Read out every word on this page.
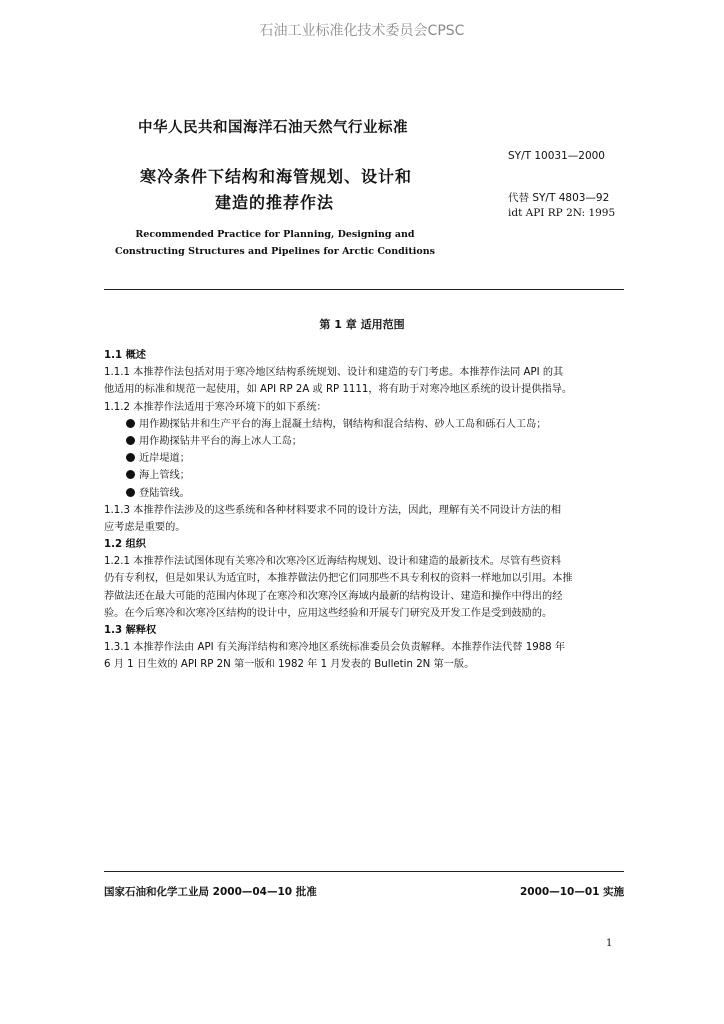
石油工业标准化技术委员会CPSC
中华人民共和国海洋石油天然气行业标准
SY/T 10031—2000
寒冷条件下结构和海管规划、设计和
建造的推荐作法	代替 SY/T 4803—92
idt API RP 2N: 1995
Recommended Practice for Planning, Designing and
Constructing Structures and Pipelines for Arctic Conditions
第 1 章 适用范围
1.1 概述
1.1.1 本推荐作法包括对用于寒冷地区结构系统规划、设计和建造的专门考虑。本推荐作法同 API 的其
他适用的标准和规范一起使用，如 API RP 2A 或 RP 1111，将有助于对寒冷地区系统的设计提供指导。
1.1.2 本推荐作法适用于寒冷环境下的如下系统：
用作勘探钻井和生产平台的海上混凝土结构，钢结构和混合结构、砂人工岛和砾石人工岛；
用作勘探钻井平台的海上冰人工岛；
近岸堤道；
海上管线；
登陆管线。
1.1.3 本推荐作法涉及的这些系统和各种材料要求不同的设计方法，因此，理解有关不同设计方法的相
应考虑是重要的。
1.2 组织
1.2.1 本推荐作法试图体现有关寒冷和次寒冷区近海结构规划、设计和建造的最新技术。尽管有些资料
仍有专利权，但是如果认为适宜时，本推荐做法仍把它们同那些不具专利权的资料一样地加以引用。本推
荐做法还在最大可能的范围内体现了在寒冷和次寒冷区海域内最新的结构设计、建造和操作中得出的经
验。在今后寒冷和次寒冷区结构的设计中，应用这些经验和开展专门研究及开发工作是受到鼓励的。
1.3 解释权
1.3.1 本推荐作法由 API 有关海洋结构和寒冷地区系统标准委员会负责解释。本推荐作法代替 1988 年
6 月 1 日生效的 API RP 2N 第一版和 1982 年 1 月发表的 Bulletin 2N 第一版。
国家石油和化学工业局 2000—04—10 批准	2000—10—01 实施
1
